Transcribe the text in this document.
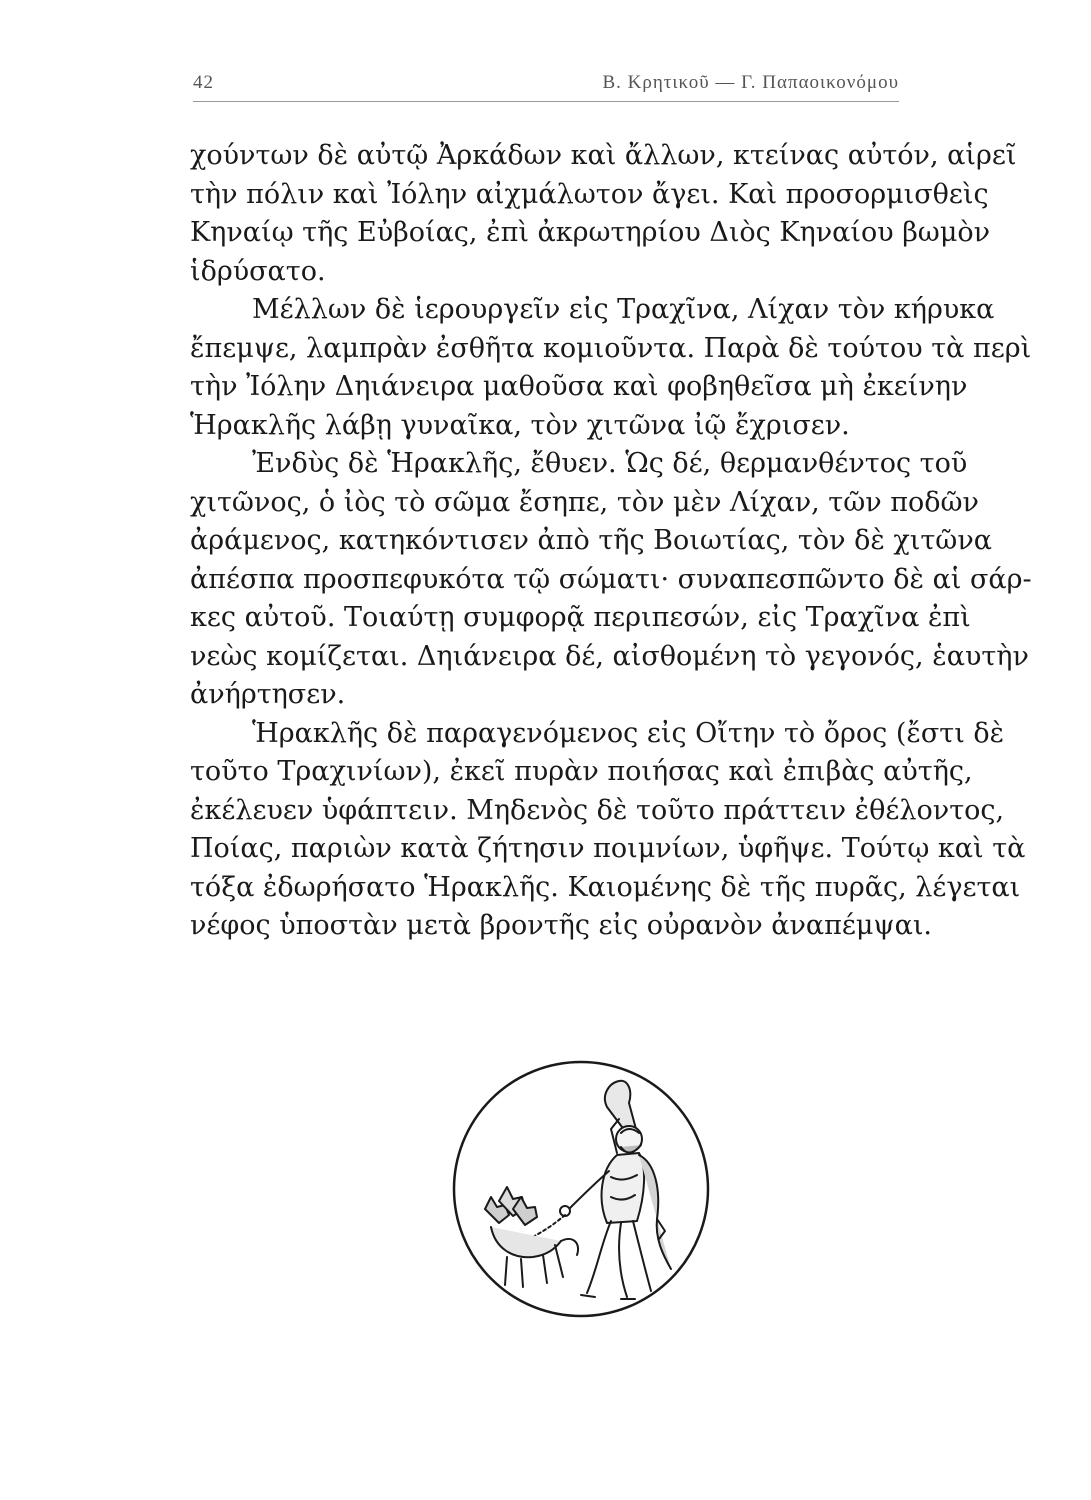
42	Β. Κρητικοῦ — Γ. Παπαοικονόμου
χούντων δὲ αὐτῷ Ἀρκάδων καὶ ἄλλων, κτείνας αὐτόν, αἱρεῖ
τὴν πόλιν καὶ Ἰόλην αἰχμάλωτον ἄγει. Καὶ προσορμισθεὶς
Κηναίῳ τῆς Εὐβοίας, ἐπὶ ἀκρωτηρίου Διὸς Κηναίου βωμὸν
ἱδρύσατο.
Μέλλων δὲ ἱερουργεῖν εἰς Τραχῖνα, Λίχαν τὸν κήρυκα
ἔπεμψε, λαμπρὰν ἐσθῆτα κομιοῦντα. Παρὰ δὲ τούτου τὰ περὶ
τὴν Ἰόλην Δηιάνειρα μαθοῦσα καὶ φοβηθεῖσα μὴ ἐκείνην
Ἡρακλῆς λάβῃ γυναῖκα, τὸν χιτῶνα ἰῷ ἔχρισεν.
Ἐνδὺς δὲ Ἡρακλῆς, ἔθυεν. Ὡς δέ, θερμανθέντος τοῦ
χιτῶνος, ὁ ἰὸς τὸ σῶμα ἔσηπε, τὸν μὲν Λίχαν, τῶν ποδῶν
ἀράμενος, κατηκόντισεν ἀπὸ τῆς Βοιωτίας, τὸν δὲ χιτῶνα
ἀπέσπα προσπεφυκότα τῷ σώματι· συναπεσπῶντο δὲ αἱ σάρ-
κες αὐτοῦ. Τοιαύτῃ συμφορᾷ περιπεσών, εἰς Τραχῖνα ἐπὶ
νεὼς κομίζεται. Δηιάνειρα δέ, αἰσθομένη τὸ γεγονός, ἑαυτὴν
ἀνήρτησεν.
Ἡρακλῆς δὲ παραγενόμενος εἰς Οἴτην τὸ ὄρος (ἔστι δὲ
τοῦτο Τραχινίων), ἐκεῖ πυρὰν ποιήσας καὶ ἐπιβὰς αὐτῆς,
ἐκέλευεν ὑφάπτειν. Μηδενὸς δὲ τοῦτο πράττειν ἐθέλοντος,
Ποίας, παριὼν κατὰ ζήτησιν ποιμνίων, ὑφῆψε. Τούτῳ καὶ τὰ
τόξα ἐδωρήσατο Ἡρακλῆς. Καιομένης δὲ τῆς πυρᾶς, λέγεται
νέφος ὑποστὰν μετὰ βροντῆς εἰς οὐρανὸν ἀναπέμψαι.
